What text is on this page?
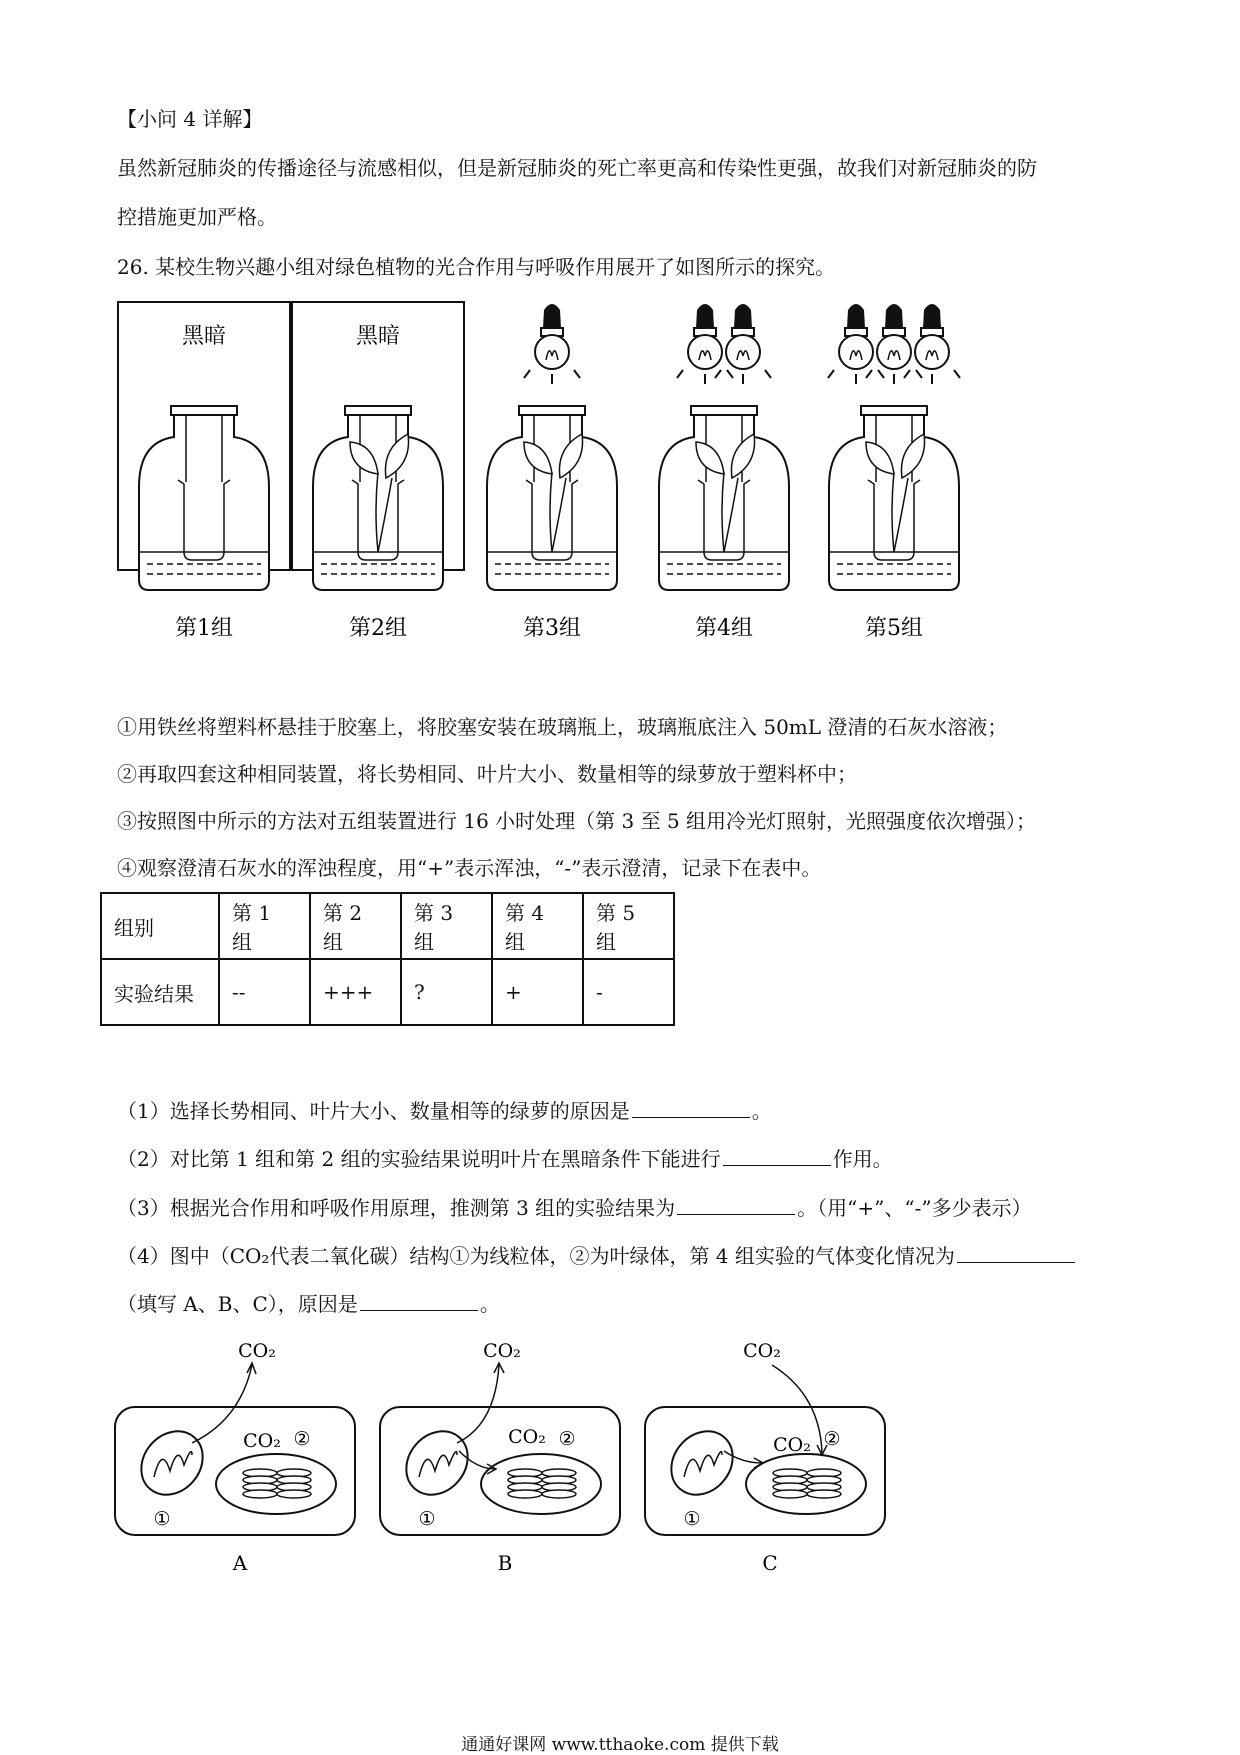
【小问 4 详解】
虽然新冠肺炎的传播途径与流感相似，但是新冠肺炎的死亡率更高和传染性更强，故我们对新冠肺炎的防
控措施更加严格。
26. 某校生物兴趣小组对绿色植物的光合作用与呼吸作用展开了如图所示的探究。
黑暗
第1组
黑暗
第2组	第3组	第4组	第5组
①用铁丝将塑料杯悬挂于胶塞上，将胶塞安装在玻璃瓶上，玻璃瓶底注入 50mL 澄清的石灰水溶液；
②再取四套这种相同装置，将长势相同、叶片大小、数量相等的绿萝放于塑料杯中；
③按照图中所示的方法对五组装置进行 16 小时处理（第 3 至 5 组用冷光灯照射，光照强度依次增强）；
④观察澄清石灰水的浑浊程度，用“+”表示浑浊，“-”表示澄清，记录下在表中。
组别	第 1 组	第 2 组	第 3 组	第 4 组	第 5 组
实验结果	--	+++	?	+	-
（1）选择长势相同、叶片大小、数量相等的绿萝的原因是	。
（2）对比第 1 组和第 2 组的实验结果说明叶片在黑暗条件下能进行	作用。
（3）根据光合作用和呼吸作用原理，推测第 3 组的实验结果为	。（用“+”、“-”多少表示）
（4）图中（CO₂代表二氧化碳）结构①为线粒体，②为叶绿体，第 4 组实验的气体变化情况为
（填写 A、B、C），原因是	。
①
②
CO₂
CO₂
A
①
②
CO₂
CO₂
B
①
②
CO₂
CO₂
C
通通好课网 www.tthaoke.com 提供下载
